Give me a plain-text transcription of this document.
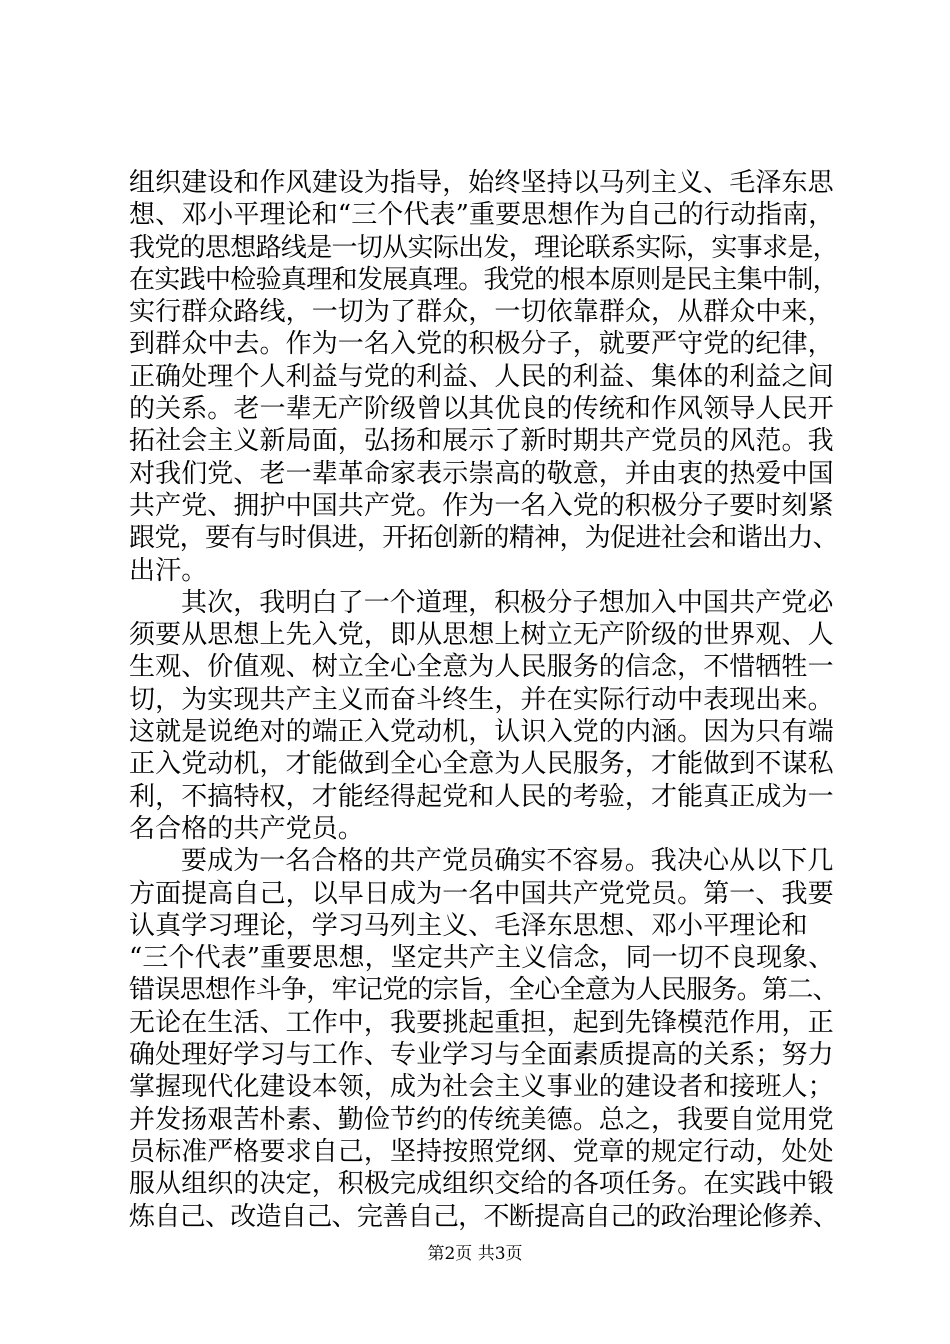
组织建设和作风建设为指导，始终坚持以马列主义、毛泽东思
想、邓小平理论和“三个代表”重要思想作为自己的行动指南，
我党的思想路线是一切从实际出发，理论联系实际，实事求是，
在实践中检验真理和发展真理。我党的根本原则是民主集中制，
实行群众路线，一切为了群众，一切依靠群众，从群众中来，
到群众中去。作为一名入党的积极分子，就要严守党的纪律，
正确处理个人利益与党的利益、人民的利益、集体的利益之间
的关系。老一辈无产阶级曾以其优良的传统和作风领导人民开
拓社会主义新局面，弘扬和展示了新时期共产党员的风范。我
对我们党、老一辈革命家表示崇高的敬意，并由衷的热爱中国
共产党、拥护中国共产党。作为一名入党的积极分子要时刻紧
跟党，要有与时俱进，开拓创新的精神，为促进社会和谐出力、
出汗。
其次，我明白了一个道理，积极分子想加入中国共产党必
须要从思想上先入党，即从思想上树立无产阶级的世界观、人
生观、价值观、树立全心全意为人民服务的信念，不惜牺牲一
切，为实现共产主义而奋斗终生，并在实际行动中表现出来。
这就是说绝对的端正入党动机，认识入党的内涵。因为只有端
正入党动机，才能做到全心全意为人民服务，才能做到不谋私
利，不搞特权，才能经得起党和人民的考验，才能真正成为一
名合格的共产党员。
要成为一名合格的共产党员确实不容易。我决心从以下几
方面提高自己，以早日成为一名中国共产党党员。第一、我要
认真学习理论，学习马列主义、毛泽东思想、邓小平理论和
“三个代表”重要思想，坚定共产主义信念，同一切不良现象、
错误思想作斗争，牢记党的宗旨，全心全意为人民服务。第二、
无论在生活、工作中，我要挑起重担，起到先锋模范作用，正
确处理好学习与工作、专业学习与全面素质提高的关系；努力
掌握现代化建设本领，成为社会主义事业的建设者和接班人；
并发扬艰苦朴素、勤俭节约的传统美德。总之，我要自觉用党
员标准严格要求自己，坚持按照党纲、党章的规定行动，处处
服从组织的决定，积极完成组织交给的各项任务。在实践中锻
炼自己、改造自己、完善自己，不断提高自己的政治理论修养、
第2页 共3页
